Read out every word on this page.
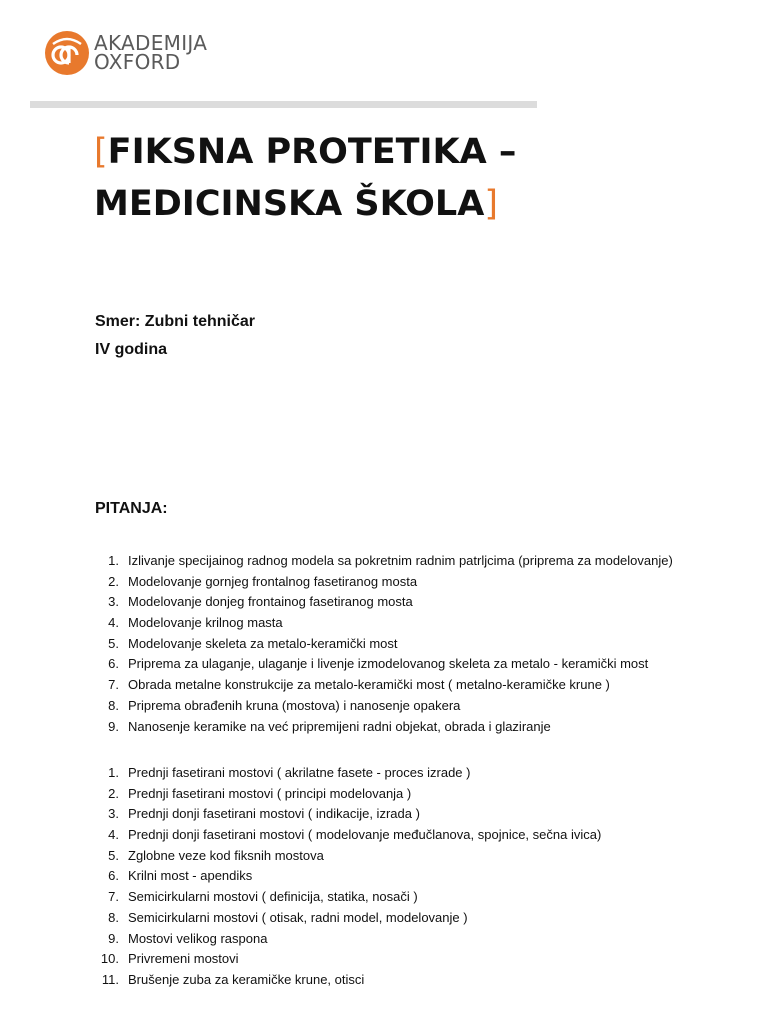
AKADEMIJA
OXFORD
[FIKSNA PROTETIKA –
MEDICINSKA ŠKOLA]
Smer: Zubni tehničar
IV godina
PITANJA:
1. Izlivanje specijainog radnog modela sa pokretnim radnim patrljcima (priprema za modelovanje)
2. Modelovanje gornjeg frontalnog fasetiranog mosta
3. Modelovanje donjeg frontainog fasetiranog mosta
4. Modelovanje krilnog masta
5. Modelovanje skeleta za metalo-keramički most
6. Priprema za ulaganje, ulaganje i livenje izmodelovanog skeleta za metalo - keramički most
7. Obrada metalne konstrukcije za metalo-keramički most ( metalno-keramičke krune )
8. Priprema obrađenih kruna (mostova) i nanosenje opakera
9. Nanosenje keramike na već pripremijeni radni objekat, obrada i glaziranje
1. Prednji fasetirani mostovi ( akrilatne fasete - proces izrade )
2. Prednji fasetirani mostovi ( principi modelovanja )
3. Prednji donji fasetirani mostovi ( indikacije, izrada )
4. Prednji donji fasetirani mostovi ( modelovanje međučlanova, spojnice, sečna ivica)
5. Zglobne veze kod fiksnih mostova
6. Krilni most - apendiks
7. Semicirkularni mostovi ( definicija, statika, nosači )
8. Semicirkularni mostovi ( otisak, radni model, modelovanje )
9. Mostovi velikog raspona
10. Privremeni mostovi
11. Brušenje zuba za keramičke krune, otisci
